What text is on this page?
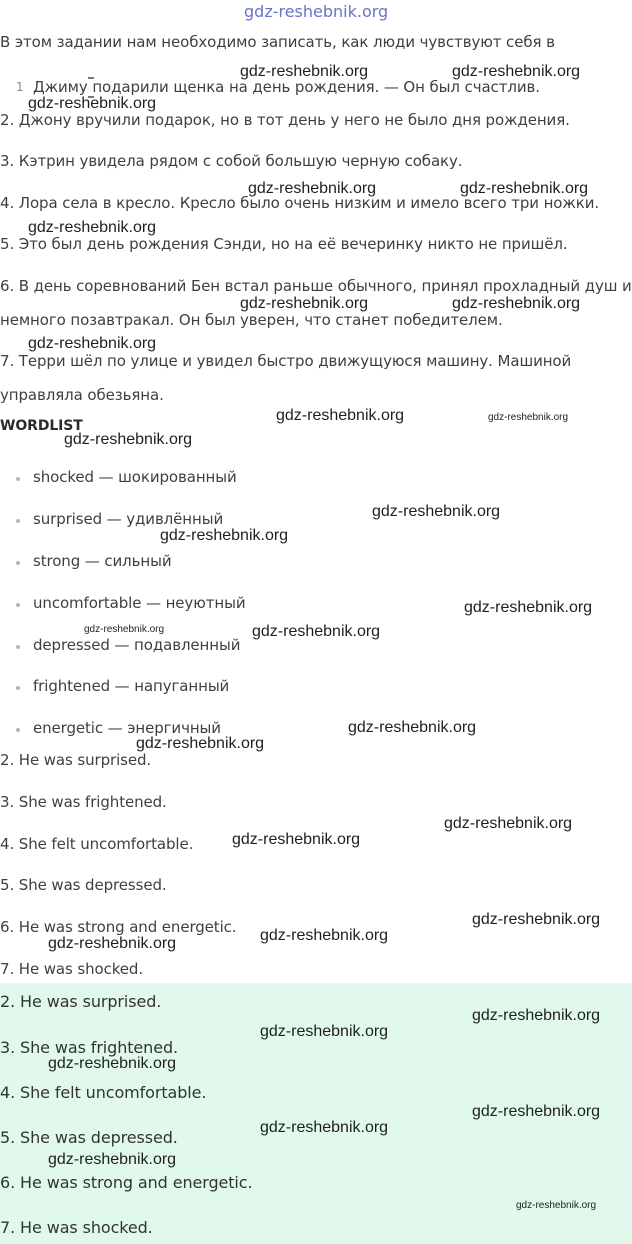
gdz-reshebnik.org
В этом задании нам необходимо записать, как люди чувствуют себя в
1 Джиму подарили щенка на день рождения. — Он был счастлив.
2. Джону вручили подарок, но в тот день у него не было дня рождения.
3. Кэтрин увидела рядом с собой большую черную собаку.
4. Лора села в кресло. Кресло было очень низким и имело всего три ножки.
5. Это был день рождения Сэнди, но на её вечеринку никто не пришёл.
6. В день соревнований Бен встал раньше обычного, принял прохладный душ и
немного позавтракал. Он был уверен, что станет победителем.
7. Терри шёл по улице и увидел быстро движущуюся машину. Машиной
управляла обезьяна.
WORDLIST
shocked — шокированный
surprised — удивлённый
strong — сильный
uncomfortable — неуютный
depressed — подавленный
frightened — напуганный
energetic — энергичный
2. He was surprised.
3. She was frightened.
4. She felt uncomfortable.
5. She was depressed.
6. He was strong and energetic.
7. He was shocked.
2. He was surprised.
3. She was frightened.
4. She felt uncomfortable.
5. She was depressed.
6. He was strong and energetic.
7. He was shocked.
gdz-reshebnik.org	gdz-reshebnik.org
gdz-reshebnik.org
gdz-reshebnik.org	gdz-reshebnik.org
gdz-reshebnik.org
gdz-reshebnik.org
gdz-reshebnik.org	gdz-reshebnik.org
gdz-reshebnik.org	gdz-reshebnik.org
gdz-reshebnik.org
gdz-reshebnik.org
gdz-reshebnik.org
gdz-reshebnik.org
gdz-reshebnik.org	gdz-reshebnik.org
gdz-reshebnik.org
gdz-reshebnik.org
gdz-reshebnik.org
gdz-reshebnik.org
gdz-reshebnik.org
gdz-reshebnik.org	gdz-reshebnik.org
gdz-reshebnik.org
gdz-reshebnik.org
gdz-reshebnik.org
gdz-reshebnik.org
gdz-reshebnik.org
gdz-reshebnik.org
gdz-reshebnik.org
